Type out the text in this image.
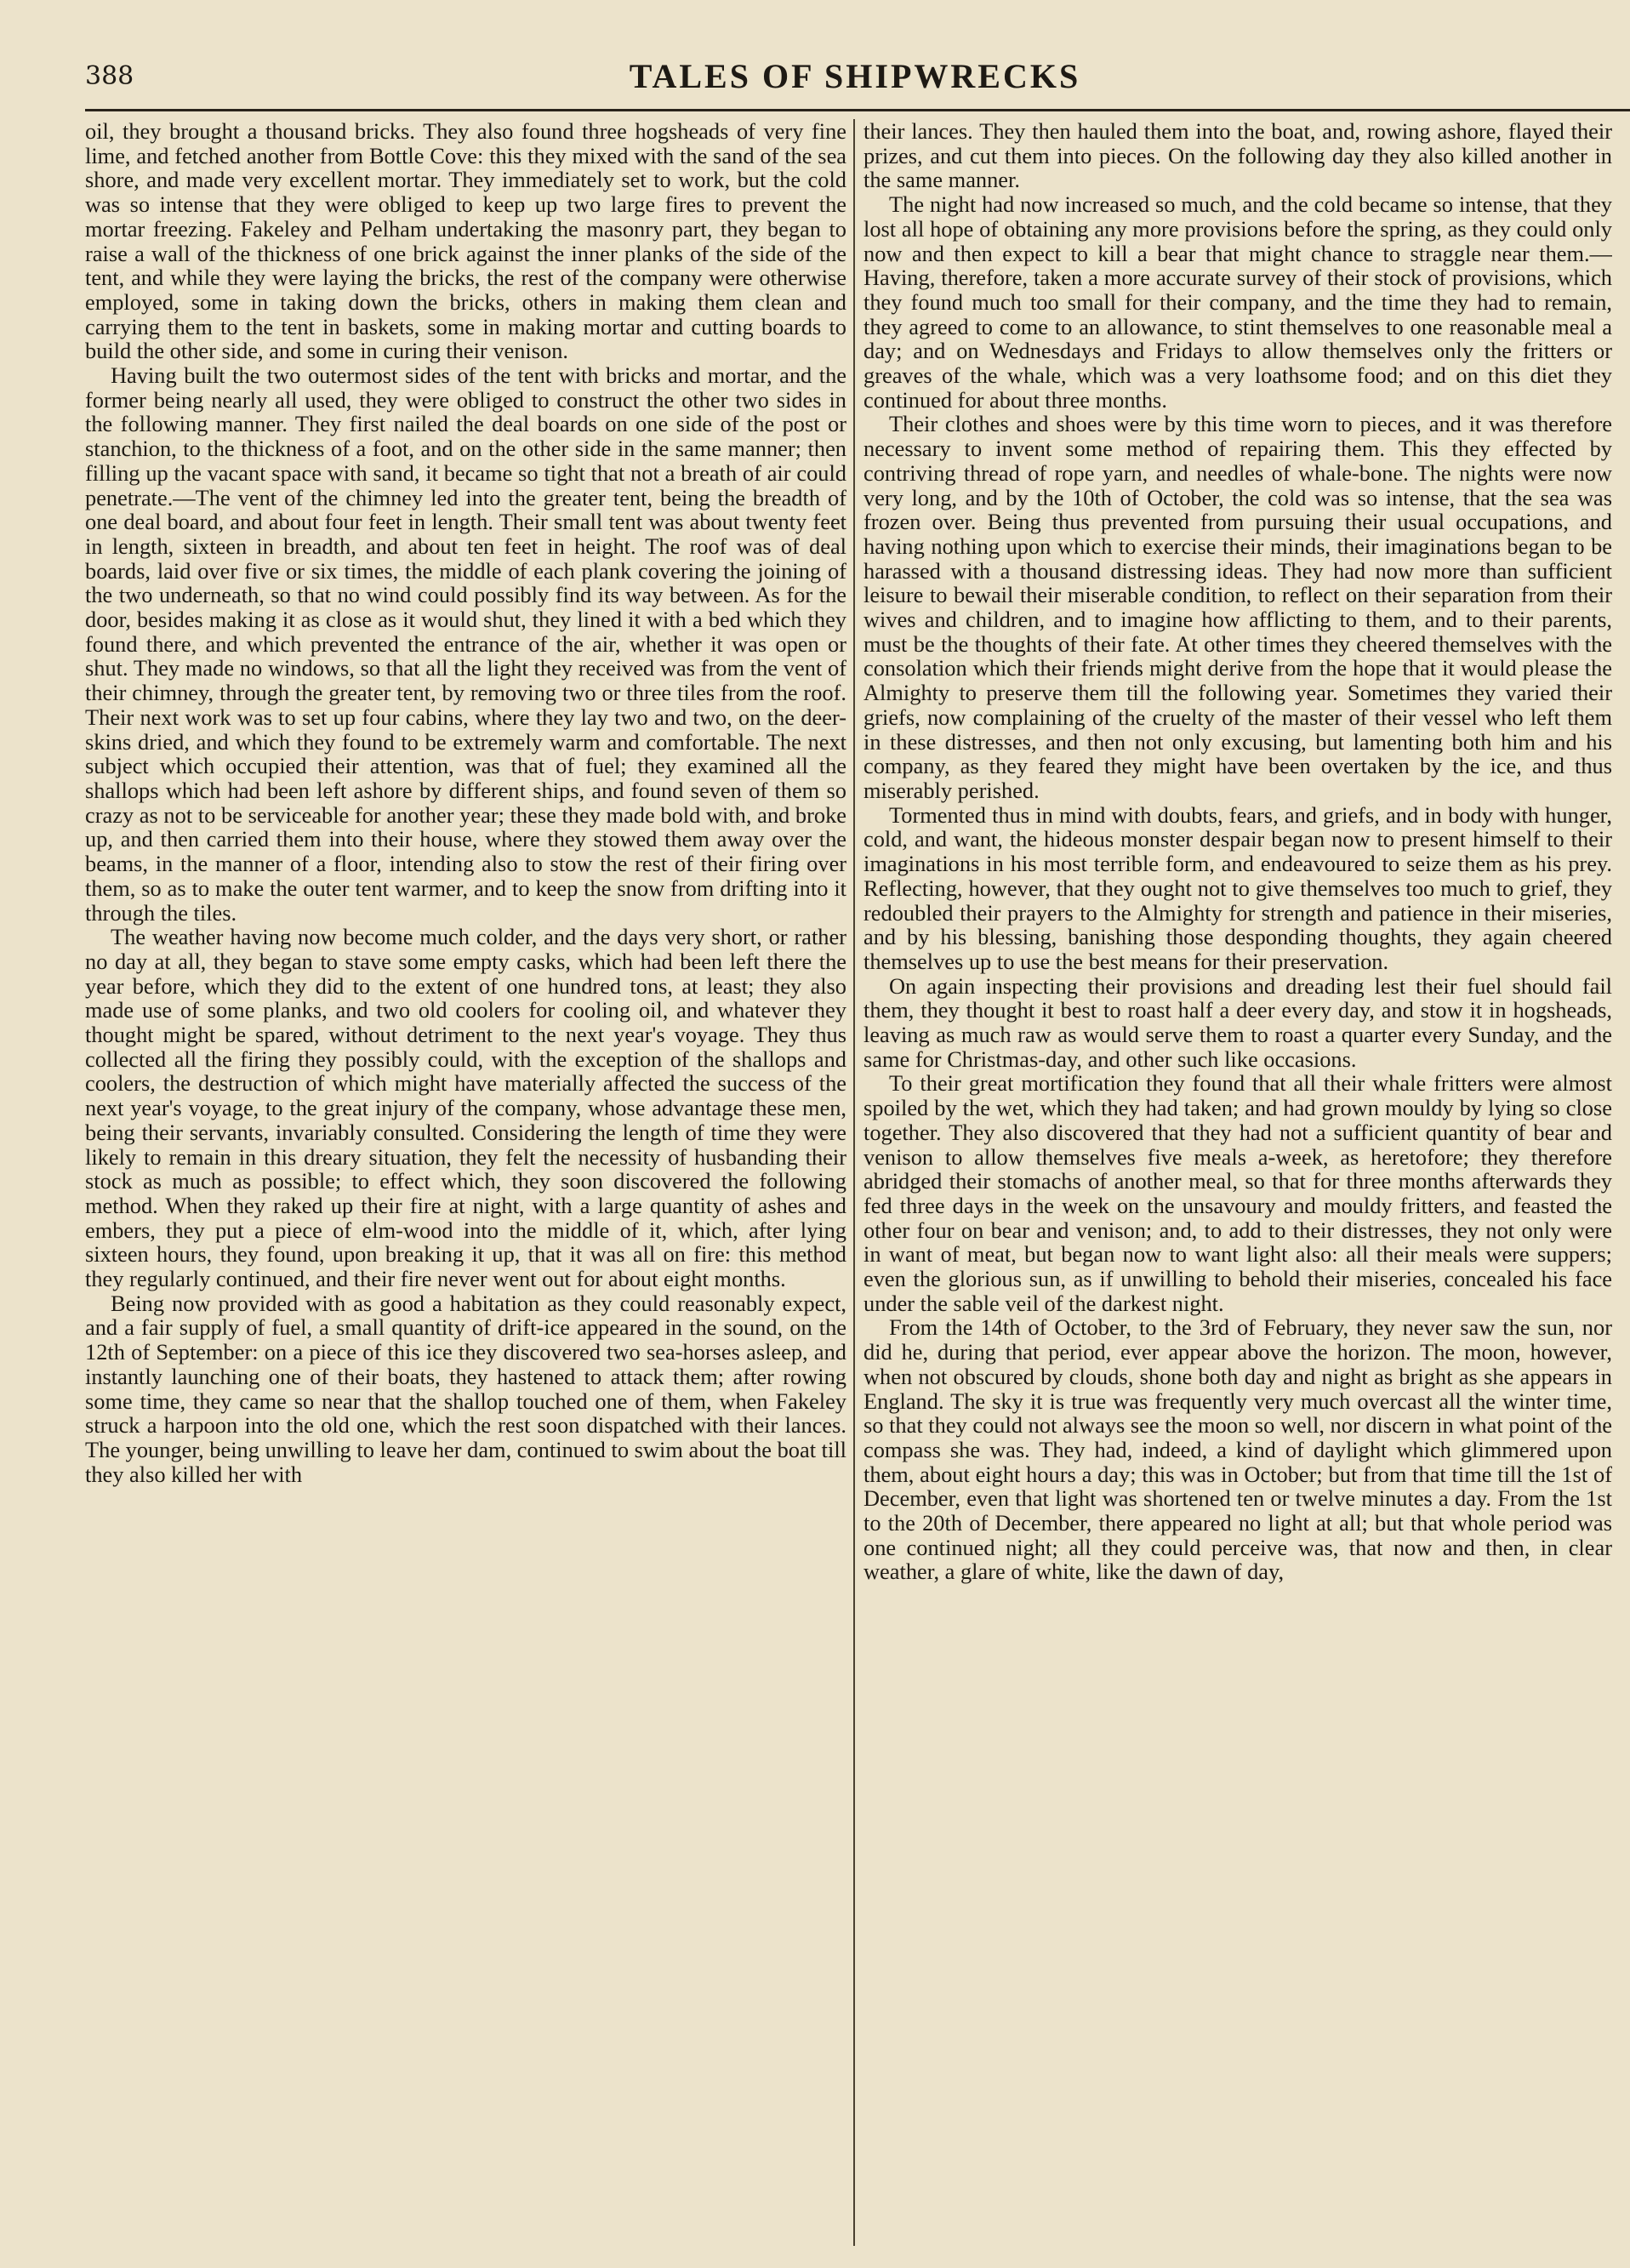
388	TALES OF SHIPWRECKS

oil, they brought a thousand bricks. They also found three hogsheads of very fine lime, and fetched another from Bottle Cove: this they mixed with the sand of the sea shore, and made very excellent mortar. They immediately set to work, but the cold was so intense that they were obliged to keep up two large fires to prevent the mortar freezing. Fakeley and Pelham undertaking the masonry part, they began to raise a wall of the thickness of one brick against the inner planks of the side of the tent, and while they were laying the bricks, the rest of the company were otherwise employed, some in taking down the bricks, others in making them clean and carrying them to the tent in baskets, some in making mortar and cutting boards to build the other side, and some in curing their venison.

Having built the two outermost sides of the tent with bricks and mortar, and the former being nearly all used, they were obliged to construct the other two sides in the following manner. They first nailed the deal boards on one side of the post or stanchion, to the thickness of a foot, and on the other side in the same manner; then filling up the vacant space with sand, it became so tight that not a breath of air could penetrate.—The vent of the chimney led into the greater tent, being the breadth of one deal board, and about four feet in length. Their small tent was about twenty feet in length, sixteen in breadth, and about ten feet in height. The roof was of deal boards, laid over five or six times, the middle of each plank covering the joining of the two underneath, so that no wind could possibly find its way between. As for the door, besides making it as close as it would shut, they lined it with a bed which they found there, and which prevented the entrance of the air, whether it was open or shut. They made no windows, so that all the light they received was from the vent of their chimney, through the greater tent, by removing two or three tiles from the roof. Their next work was to set up four cabins, where they lay two and two, on the deer-skins dried, and which they found to be extremely warm and comfortable. The next subject which occupied their attention, was that of fuel; they examined all the shallops which had been left ashore by different ships, and found seven of them so crazy as not to be serviceable for another year; these they made bold with, and broke up, and then carried them into their house, where they stowed them away over the beams, in the manner of a floor, intending also to stow the rest of their firing over them, so as to make the outer tent warmer, and to keep the snow from drifting into it through the tiles.

The weather having now become much colder, and the days very short, or rather no day at all, they began to stave some empty casks, which had been left there the year before, which they did to the extent of one hundred tons, at least; they also made use of some planks, and two old coolers for cooling oil, and whatever they thought might be spared, without detriment to the next year's voyage. They thus collected all the firing they possibly could, with the exception of the shallops and coolers, the destruction of which might have materially affected the success of the next year's voyage, to the great injury of the company, whose advantage these men, being their servants, invariably consulted. Considering the length of time they were likely to remain in this dreary situation, they felt the necessity of husbanding their stock as much as possible; to effect which, they soon discovered the following method. When they raked up their fire at night, with a large quantity of ashes and embers, they put a piece of elm-wood into the middle of it, which, after lying sixteen hours, they found, upon breaking it up, that it was all on fire: this method they regularly continued, and their fire never went out for about eight months.

Being now provided with as good a habitation as they could reasonably expect, and a fair supply of fuel, a small quantity of drift-ice appeared in the sound, on the 12th of September: on a piece of this ice they discovered two sea-horses asleep, and instantly launching one of their boats, they hastened to attack them; after rowing some time, they came so near that the shallop touched one of them, when Fakeley struck a harpoon into the old one, which the rest soon dispatched with their lances. The younger, being unwilling to leave her dam, continued to swim about the boat till they also killed her with

their lances. They then hauled them into the boat, and, rowing ashore, flayed their prizes, and cut them into pieces. On the following day they also killed another in the same manner.

The night had now increased so much, and the cold became so intense, that they lost all hope of obtaining any more provisions before the spring, as they could only now and then expect to kill a bear that might chance to straggle near them.—Having, therefore, taken a more accurate survey of their stock of provisions, which they found much too small for their company, and the time they had to remain, they agreed to come to an allowance, to stint themselves to one reasonable meal a day; and on Wednesdays and Fridays to allow themselves only the fritters or greaves of the whale, which was a very loathsome food; and on this diet they continued for about three months.

Their clothes and shoes were by this time worn to pieces, and it was therefore necessary to invent some method of repairing them. This they effected by contriving thread of rope yarn, and needles of whale-bone. The nights were now very long, and by the 10th of October, the cold was so intense, that the sea was frozen over. Being thus prevented from pursuing their usual occupations, and having nothing upon which to exercise their minds, their imaginations began to be harassed with a thousand distressing ideas. They had now more than sufficient leisure to bewail their miserable condition, to reflect on their separation from their wives and children, and to imagine how afflicting to them, and to their parents, must be the thoughts of their fate. At other times they cheered themselves with the consolation which their friends might derive from the hope that it would please the Almighty to preserve them till the following year. Sometimes they varied their griefs, now complaining of the cruelty of the master of their vessel who left them in these distresses, and then not only excusing, but lamenting both him and his company, as they feared they might have been overtaken by the ice, and thus miserably perished.

Tormented thus in mind with doubts, fears, and griefs, and in body with hunger, cold, and want, the hideous monster despair began now to present himself to their imaginations in his most terrible form, and endeavoured to seize them as his prey. Reflecting, however, that they ought not to give themselves too much to grief, they redoubled their prayers to the Almighty for strength and patience in their miseries, and by his blessing, banishing those desponding thoughts, they again cheered themselves up to use the best means for their preservation.

On again inspecting their provisions and dreading lest their fuel should fail them, they thought it best to roast half a deer every day, and stow it in hogsheads, leaving as much raw as would serve them to roast a quarter every Sunday, and the same for Christmas-day, and other such like occasions.

To their great mortification they found that all their whale fritters were almost spoiled by the wet, which they had taken; and had grown mouldy by lying so close together. They also discovered that they had not a sufficient quantity of bear and venison to allow themselves five meals a-week, as heretofore; they therefore abridged their stomachs of another meal, so that for three months afterwards they fed three days in the week on the unsavoury and mouldy fritters, and feasted the other four on bear and venison; and, to add to their distresses, they not only were in want of meat, but began now to want light also: all their meals were suppers; even the glorious sun, as if unwilling to behold their miseries, concealed his face under the sable veil of the darkest night.

From the 14th of October, to the 3rd of February, they never saw the sun, nor did he, during that period, ever appear above the horizon. The moon, however, when not obscured by clouds, shone both day and night as bright as she appears in England. The sky it is true was frequently very much overcast all the winter time, so that they could not always see the moon so well, nor discern in what point of the compass she was. They had, indeed, a kind of daylight which glimmered upon them, about eight hours a day; this was in October; but from that time till the 1st of December, even that light was shortened ten or twelve minutes a day. From the 1st to the 20th of December, there appeared no light at all; but that whole period was one continued night; all they could perceive was, that now and then, in clear weather, a glare of white, like the dawn of day,
